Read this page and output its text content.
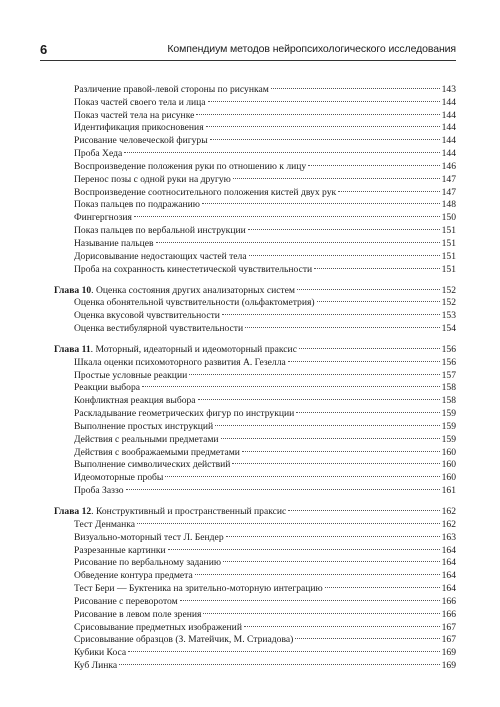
6	Компендиум методов нейропсихологического исследования
Различение правой-левой стороны по рисункам	143
Показ частей своего тела и лица	144
Показ частей тела на рисунке	144
Идентификация прикосновения	144
Рисование человеческой фигуры	144
Проба Хеда	144
Воспроизведение положения руки по отношению к лицу	146
Перенос позы с одной руки на другую	147
Воспроизведение соотносительного положения кистей двух рук	147
Показ пальцев по подражанию	148
Фингергнозия	150
Показ пальцев по вербальной инструкции	151
Называние пальцев	151
Дорисовывание недостающих частей тела	151
Проба на сохранность кинестетической чувствительности	151
Глава 10. Оценка состояния других анализаторных систем	152
Оценка обонятельной чувствительности (ольфактометрия)	152
Оценка вкусовой чувствительности	153
Оценка вестибулярной чувствительности	154
Глава 11. Моторный, идеаторный и идеомоторный праксис	156
Шкала оценки психомоторного развития А. Гезелла	156
Простые условные реакции	157
Реакции выбора	158
Конфликтная реакция выбора	158
Раскладывание геометрических фигур по инструкции	159
Выполнение простых инструкций	159
Действия с реальными предметами	159
Действия с воображаемыми предметами	160
Выполнение символических действий	160
Идеомоторные пробы	160
Проба Заззо	161
Глава 12. Конструктивный и пространственный праксис	162
Тест Денманка	162
Визуально-моторный тест Л. Бендер	163
Разрезанные картинки	164
Рисование по вербальному заданию	164
Обведение контура предмета	164
Тест Бери — Буктеника на зрительно-моторную интеграцию	164
Рисование с переворотом	166
Рисование в левом поле зрения	166
Срисовывание предметных изображений	167
Срисовывание образцов (З. Матейчик, М. Стриадова)	167
Кубики Коса	169
Куб Линка	169
